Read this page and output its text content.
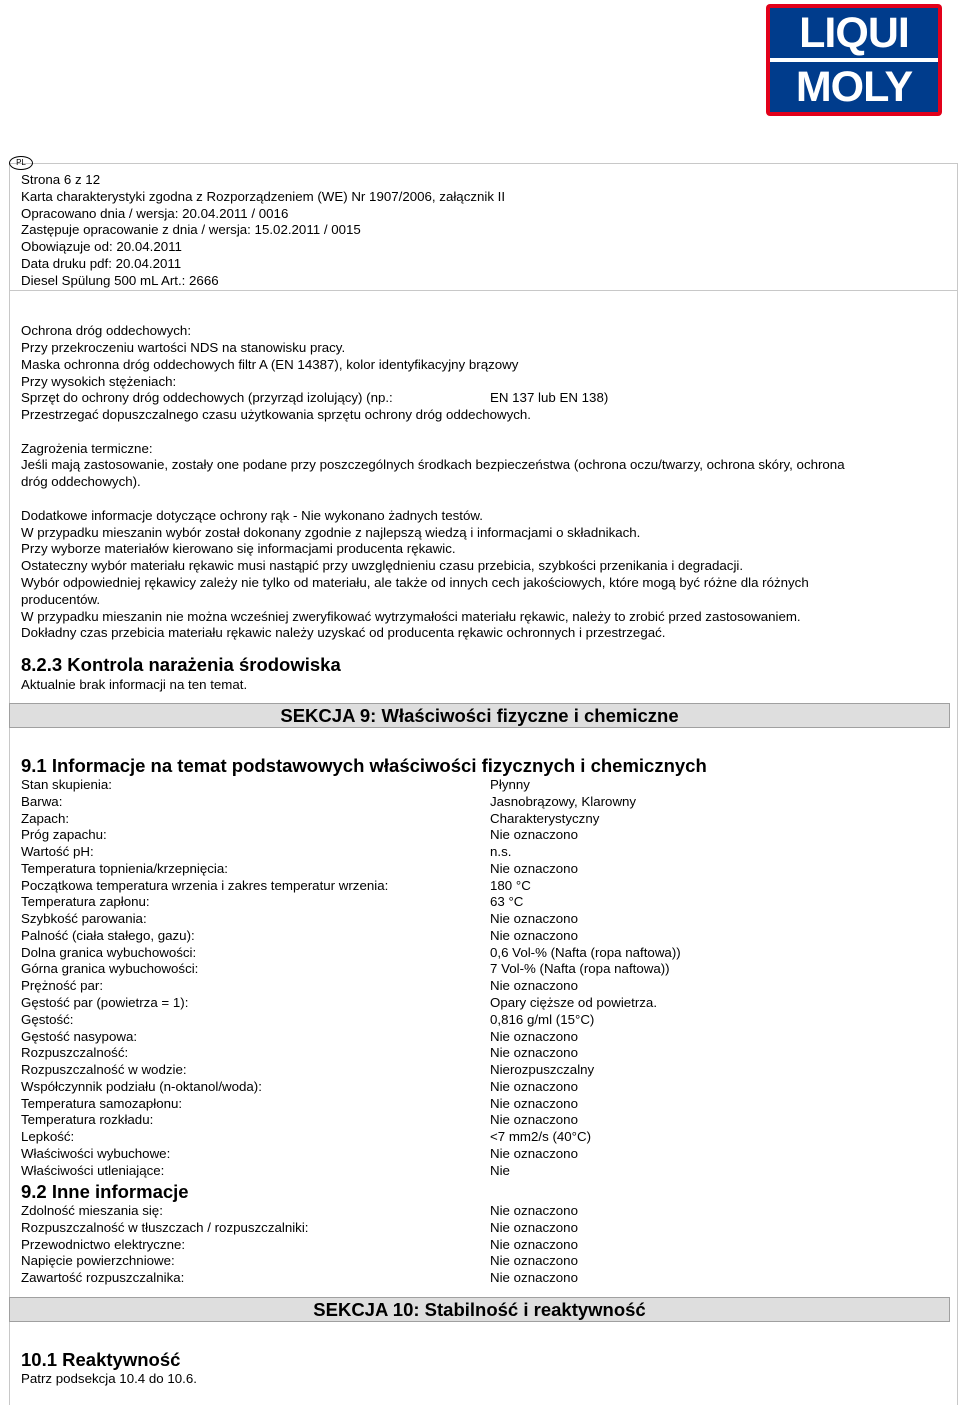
LIQUI
MOLY
PL
Strona 6 z 12
Karta charakterystyki zgodna z Rozporządzeniem (WE) Nr 1907/2006, załącznik II
Opracowano dnia / wersja: 20.04.2011 / 0016
Zastępuje opracowanie z dnia / wersja: 15.02.2011 / 0015
Obowiązuje od: 20.04.2011
Data druku pdf: 20.04.2011
Diesel Spülung 500 mL Art.: 2666
Ochrona dróg oddechowych:
Przy przekroczeniu wartości NDS na stanowisku pracy.
Maska ochronna dróg oddechowych filtr A (EN 14387), kolor identyfikacyjny brązowy
Przy wysokich stężeniach:
Sprzęt do ochrony dróg oddechowych (przyrząd izolujący) (np.:	EN 137 lub EN 138)
Przestrzegać dopuszczalnego czasu użytkowania sprzętu ochrony dróg oddechowych.
Zagrożenia termiczne:
Jeśli mają zastosowanie, zostały one podane przy poszczególnych środkach bezpieczeństwa (ochrona oczu/twarzy, ochrona skóry, ochrona
dróg oddechowych).
Dodatkowe informacje dotyczące ochrony rąk - Nie wykonano żadnych testów.
W przypadku mieszanin wybór został dokonany zgodnie z najlepszą wiedzą i informacjami o składnikach.
Przy wyborze materiałów kierowano się informacjami producenta rękawic.
Ostateczny wybór materiału rękawic musi nastąpić przy uwzględnieniu czasu przebicia, szybkości przenikania i degradacji.
Wybór odpowiedniej rękawicy zależy nie tylko od materiału, ale także od innych cech jakościowych, które mogą być różne dla różnych
producentów.
W przypadku mieszanin nie można wcześniej zweryfikować wytrzymałości materiału rękawic, należy to zrobić przed zastosowaniem.
Dokładny czas przebicia materiału rękawic należy uzyskać od producenta rękawic ochronnych i przestrzegać.
8.2.3 Kontrola narażenia środowiska
Aktualnie brak informacji na ten temat.
SEKCJA 9: Właściwości fizyczne i chemiczne
9.1 Informacje na temat podstawowych właściwości fizycznych i chemicznych
Stan skupienia:	Płynny
Barwa:	Jasnobrązowy, Klarowny
Zapach:	Charakterystyczny
Próg zapachu:	Nie oznaczono
Wartość pH:	n.s.
Temperatura topnienia/krzepnięcia:	Nie oznaczono
Początkowa temperatura wrzenia i zakres temperatur wrzenia:	180 °C
Temperatura zapłonu:	63 °C
Szybkość parowania:	Nie oznaczono
Palność (ciała stałego, gazu):	Nie oznaczono
Dolna granica wybuchowości:	0,6 Vol-% (Nafta (ropa naftowa))
Górna granica wybuchowości:	7 Vol-% (Nafta (ropa naftowa))
Prężność par:	Nie oznaczono
Gęstość par (powietrza = 1):	Opary cięższe od powietrza.
Gęstość:	0,816 g/ml (15°C)
Gęstość nasypowa:	Nie oznaczono
Rozpuszczalność:	Nie oznaczono
Rozpuszczalność w wodzie:	Nierozpuszczalny
Współczynnik podziału (n-oktanol/woda):	Nie oznaczono
Temperatura samozapłonu:	Nie oznaczono
Temperatura rozkładu:	Nie oznaczono
Lepkość:	<7 mm2/s (40°C)
Właściwości wybuchowe:	Nie oznaczono
Właściwości utleniające:	Nie
9.2 Inne informacje
Zdolność mieszania się:	Nie oznaczono
Rozpuszczalność w tłuszczach / rozpuszczalniki:	Nie oznaczono
Przewodnictwo elektryczne:	Nie oznaczono
Napięcie powierzchniowe:	Nie oznaczono
Zawartość rozpuszczalnika:	Nie oznaczono
SEKCJA 10: Stabilność i reaktywność
10.1 Reaktywność
Patrz podsekcja 10.4 do 10.6.
